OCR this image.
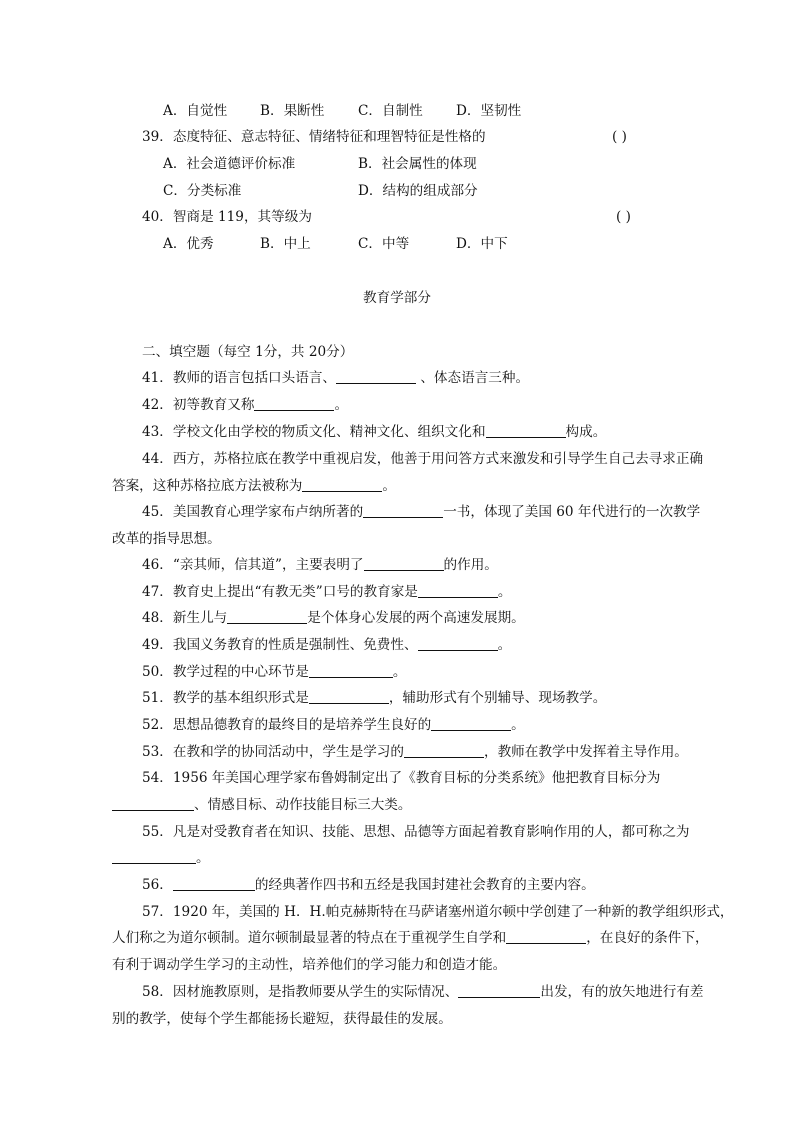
A．自觉性 B．果断性 C．自制性 D．坚韧性
39．态度特征、意志特征、情绪特征和理智特征是性格的	( )
A．社会道德评价标准	B．社会属性的体现
C．分类标准	D．结构的组成部分
40．智商是 119，其等级为	( )
A．优秀	B．中上	C．中等	D．中下
教育学部分
二、填空题（每空 1分，共 20分）
41．教师的语言包括口头语言、	、体态语言三种。
42．初等教育又称	。
43．学校文化由学校的物质文化、精神文化、组织文化和	构成。
44．西方，苏格拉底在教学中重视启发，他善于用问答方式来激发和引导学生自己去寻求正确
答案，这种苏格拉底方法被称为	。
45．美国教育心理学家布卢纳所著的	一书，体现了美国 60 年代进行的一次教学
改革的指导思想。
46．“亲其师，信其道”，主要表明了	的作用。
47．教育史上提出“有教无类”口号的教育家是	。
48．新生儿与	是个体身心发展的两个高速发展期。
49．我国义务教育的性质是强制性、免费性、	。
50．教学过程的中心环节是	。
51．教学的基本组织形式是	，辅助形式有个别辅导、现场教学。
52．思想品德教育的最终目的是培养学生良好的	。
53．在教和学的协同活动中，学生是学习的	，教师在教学中发挥着主导作用。
54．1956 年美国心理学家布鲁姆制定出了《教育目标的分类系统》他把教育目标分为
、情感目标、动作技能目标三大类。
55．凡是对受教育者在知识、技能、思想、品德等方面起着教育影响作用的人，都可称之为
。
56．	的经典著作四书和五经是我国封建社会教育的主要内容。
57．1920 年，美国的 H．H.帕克赫斯特在马萨诸塞州道尔顿中学创建了一种新的教学组织形式，
人们称之为道尔顿制。道尔顿制最显著的特点在于重视学生自学和	，在良好的条件下，
有利于调动学生学习的主动性，培养他们的学习能力和创造才能。
58．因材施教原则，是指教师要从学生的实际情况、	出发，有的放矢地进行有差
别的教学，使每个学生都能扬长避短，获得最佳的发展。
